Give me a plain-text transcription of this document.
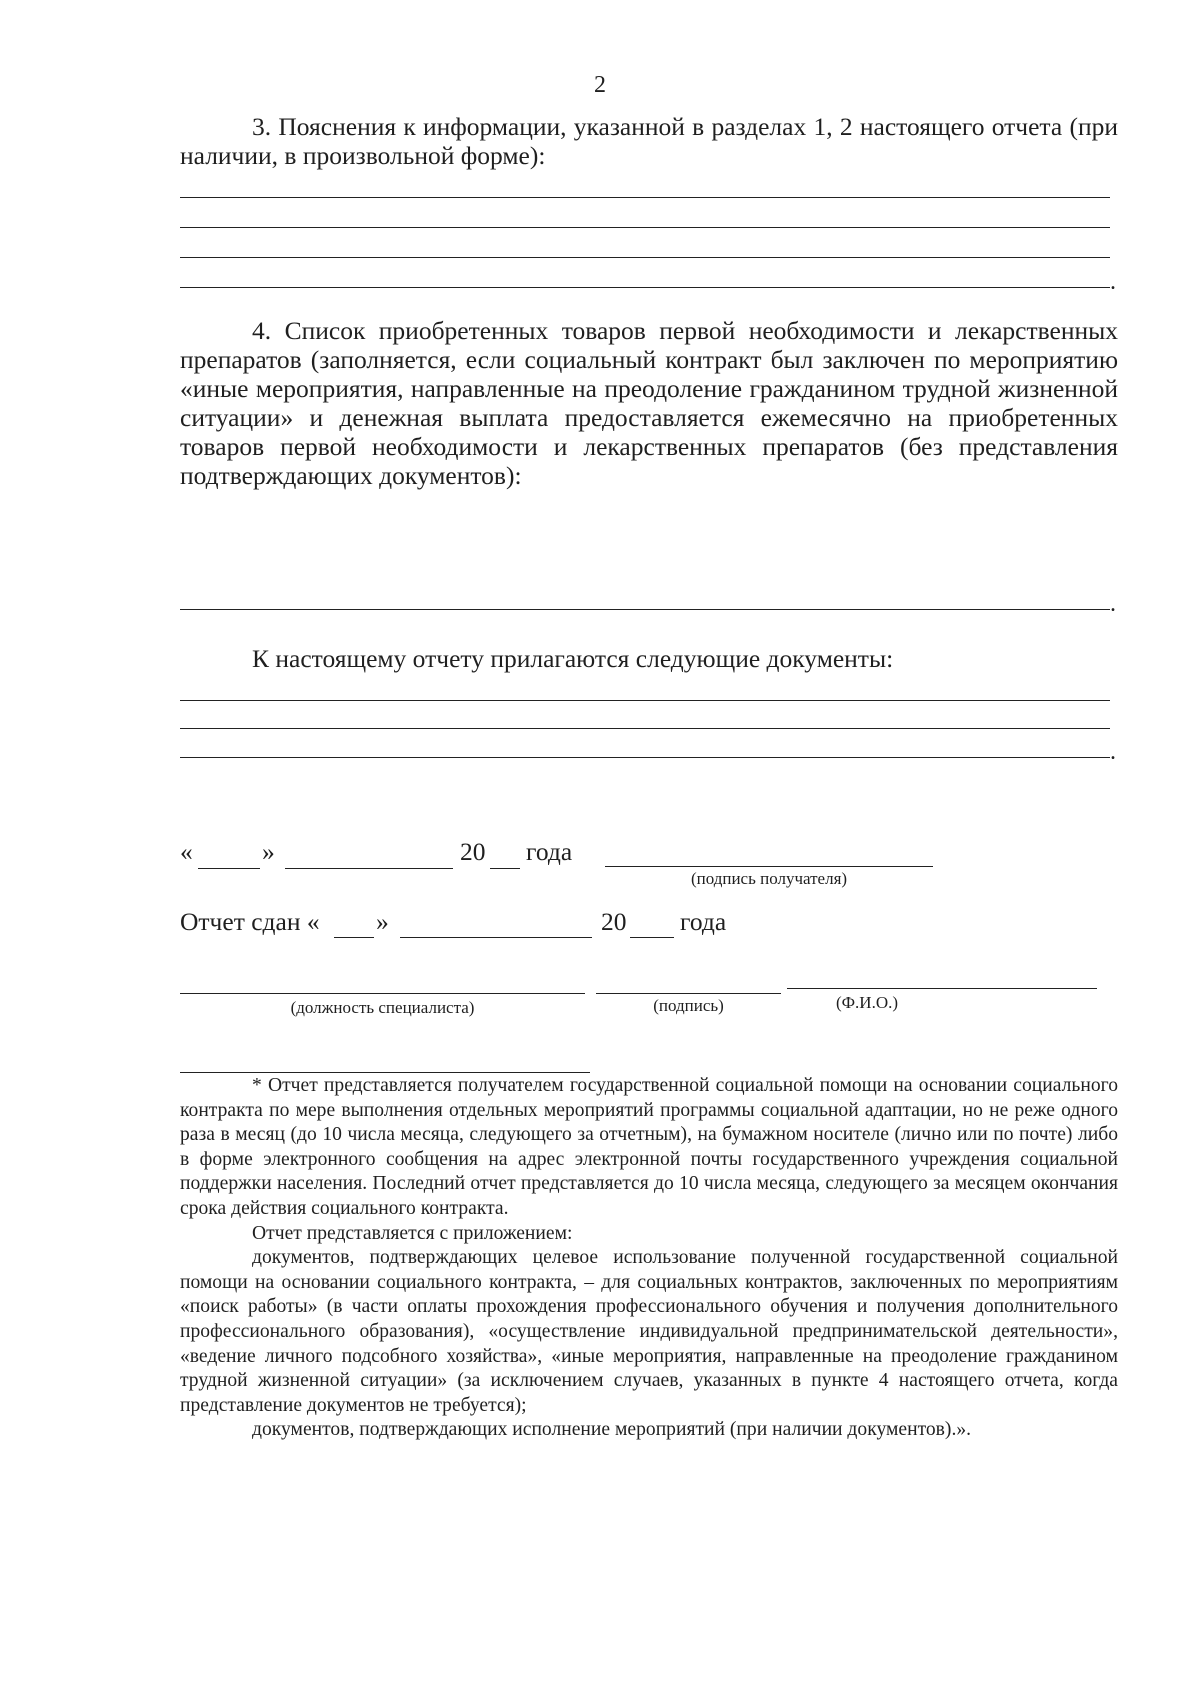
2
3. Пояснения к информации, указанной в разделах 1, 2 настоящего отчета (при наличии, в произвольной форме):
.
4. Список приобретенных товаров первой необходимости и лекарственных препаратов (заполняется, если социальный контракт был заключен по мероприятию «иные мероприятия, направленные на преодоление гражданином трудной жизненной ситуации» и денежная выплата предоставляется ежемесячно на приобретенных товаров первой необходимости и лекарственных препаратов (без представления подтверждающих документов):
.
К настоящему отчету прилагаются следующие документы:
.
«	»	20 года
(подпись получателя)
Отчет сдан « »	20 года
(должность специалиста)	(подпись)	(Ф.И.О.)

* Отчет представляется получателем государственной социальной помощи на основании социального контракта по мере выполнения отдельных мероприятий программы социальной адаптации, но не реже одного раза в месяц (до 10 числа месяца, следующего за отчетным), на бумажном носителе (лично или по почте) либо в форме электронного сообщения на адрес электронной почты государственного учреждения социальной поддержки населения. Последний отчет представляется до 10 числа месяца, следующего за месяцем окончания срока действия социального контракта.

Отчет представляется с приложением:

документов, подтверждающих целевое использование полученной государственной социальной помощи на основании социального контракта, – для социальных контрактов, заключенных по мероприятиям «поиск работы» (в части оплаты прохождения профессионального обучения и получения дополнительного профессионального образования), «осуществление индивидуальной предпринимательской деятельности», «ведение личного подсобного хозяйства», «иные мероприятия, направленные на преодоление гражданином трудной жизненной ситуации» (за исключением случаев, указанных в пункте 4 настоящего отчета, когда представление документов не требуется);

документов, подтверждающих исполнение мероприятий (при наличии документов).».
